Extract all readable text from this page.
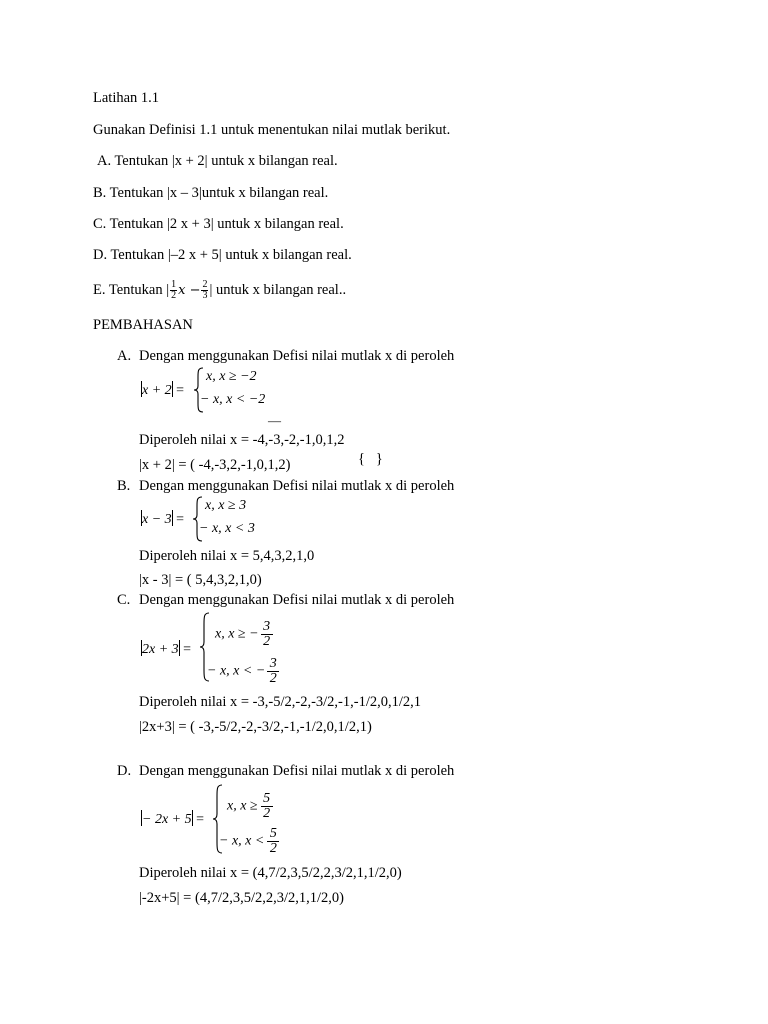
Latihan 1.1
Gunakan Definisi 1.1 untuk menentukan nilai mutlak berikut.
A. Tentukan |x + 2| untuk x bilangan real.
B. Tentukan |x – 3|untuk x bilangan real.
C. Tentukan |2 x + 3| untuk x bilangan real.
D. Tentukan |–2 x + 5| untuk x bilangan real.
E. Tentukan | $\frac{1}{2}$ $x - \frac{2}{3}$ | untuk x bilangan real..
PEMBAHASAN
A. Dengan menggunakan Defisi nilai mutlak x di peroleh
x + 2 =
x, x ≥ −2
− x, x < −2
—
Diperoleh nilai x = -4,-3,-2,-1,0,1,2
|x + 2| = ( -4,-3,2,-1,0,1,2)	{   }
B. Dengan menggunakan Defisi nilai mutlak x di peroleh
x − 3 =
x, x ≥ 3
− x, x < 3
Diperoleh nilai x = 5,4,3,2,1,0
|x - 3| = ( 5,4,3,2,1,0)
C. Dengan menggunakan Defisi nilai mutlak x di peroleh
2x + 3 =
x, x ≥ − $\frac{3}{2}$
− x, x < − $\frac{3}{2}$
Diperoleh nilai x = -3,-5/2,-2,-3/2,-1,-1/2,0,1/2,1
|2x+3| = ( -3,-5/2,-2,-3/2,-1,-1/2,0,1/2,1)
D. Dengan menggunakan Defisi nilai mutlak x di peroleh
− 2x + 5 =
x, $x \ge \frac{5}{2}$
− x, $x < \frac{5}{2}$
Diperoleh nilai x = (4,7/2,3,5/2,2,3/2,1,1/2,0)
|-2x+5| = (4,7/2,3,5/2,2,3/2,1,1/2,0)
